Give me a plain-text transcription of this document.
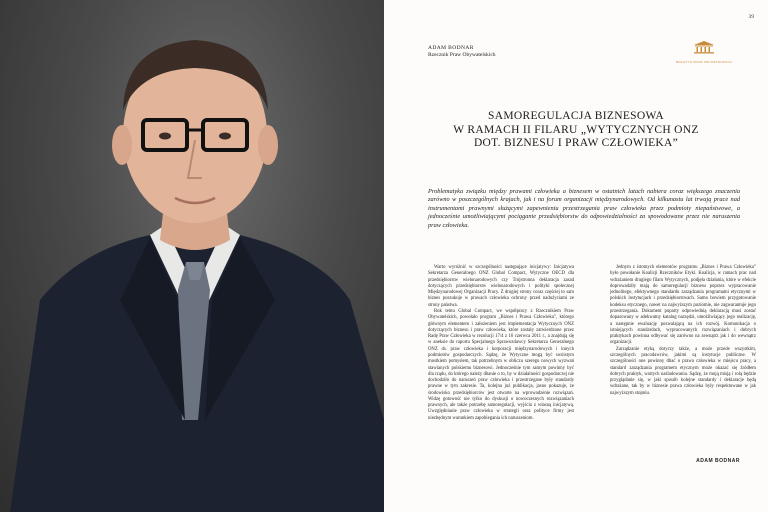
39
ADAM BODNAR
Rzecznik Praw Obywatelskich
BIULETYN PRAW OBYWATELSKICH
SAMOREGULACJA BIZNESOWA
W RAMACH II FILARU „WYTYCZNYCH ONZ
DOT. BIZNESU I PRAW CZŁOWIEKA”
Problematyka związku między prawami człowieka a biznesem w ostatnich latach nabiera coraz większego znaczenia zarówno w poszczególnych krajach, jak i na forum organizacji międzynarodowych. Od kilkunastu lat trwają prace nad instrumentami prawnymi służącymi zapewnieniu przestrzegania praw człowieka przez podmioty niepaństwowe, a jednocześnie umożliwiającymi pociąganie przedsiębiorstw do odpowiedzialności za spowodowane przez nie naruszenia praw człowieka.

Warto wyróżnić w szczególności następujące inicjatywy: Inicjatywa Sekretarza Generalnego ONZ Global Compact, Wytyczne OECD dla przedsiębiorstw wielonarodowych czy Trójstronna deklaracja zasad dotyczących przedsiębiorstw wielonarodowych i polityki społecznej Międzynarodowej Organizacji Pracy. Z drugiej strony coraz częściej to sam biznes poszukuje w prawach człowieka ochrony przed nadużyciami ze strony państwa.

Rok temu Global Compact, we współpracy z Rzecznikiem Praw Obywatelskich, powołało program „Biznes i Prawa Człowieka”, którego głównym elementem i założeniem jest implementacja Wytycznych ONZ dotyczących biznesu i praw człowieka, które zostały zatwierdzone przez Radę Praw Człowieka w rezolucji 17/4 z 16 czerwca 2011 r., a znajdują się w aneksie do raportu Specjalnego Sprawozdawcy Sekretarza Generalnego ONZ ds. praw człowieka i korporacji międzynarodowych i innych podmiotów gospodarczych. Sądzę, że Wytyczne mogą być swoistym mostkiem pomysłem, tak potrzebnym w obliczu szeregu nowych wyzwań stawianych polskiemu biznesowi. Jednocześnie tym samym powinny być dla rządu, do którego należy dbanie o to, by w działalności gospodarczej nie dochodziło do naruszeń praw człowieka i przestrzegane były standardy prawne w tym zakresie. Ta, kolejna już publikacja, jasno pokazuje, że środowisko przedsiębiorców jest otwarte na wprowadzenie rozwiązań. Widzę gotowość nie tylko do dyskusji o nowoczesnych rozwiązaniach prawnych, ale także potrzebę samoregulacji, wyjścia z własną inicjatywą. Uwzględnianie praw człowieka w strategii oraz polityce firmy jest niezbędnym warunkiem zapobiegania ich naruszeniom.

Jednym z istotnych elementów programu „Biznes i Prawa Człowieka” było powołanie Koalicji Rzeczników Etyki. Koalicja, w ramach prac nad wdrażaniem drugiego filaru Wytycznych, podjęła działania, które w efekcie doprowadziły mają do samoregulacji biznesu poprzez wypracowanie jednolitego, efektywnego standardu zarządzania programami etycznymi w polskich instytucjach i przedsiębiorstwach. Samo bowiem przygotowanie kodeksu etycznego, nawet na najwyższym poziomie, nie zagwarantuje jego przestrzegania. Dokument poparty odpowiednią deklaracją musi zostać dopasowany w adekwatny katalog narzędzi, umożliwiający jego realizację, a następnie ewaluację pozwalającą na ich rozwój. Komunikacja o istniejących standardach, wypracowanych rozwiązaniach i dobrych praktykach powinna odbywać się zarówno na zewnątrz jak i do wewnątrz organizacji.

Zarządzanie etyką dotyczy także, a może przede wszystkim, szczególnych pracodawców, jakimi są instytucje publiczne. W szczególności one powinny dbać o prawa człowieka w miejscu pracy, a standard zarządzania programem etycznym może okazać się źródłem dobrych praktyk, wartych naśladowania. Sądzę, że moją misją i rolą będzie przyglądanie się, w jaki sposób kolejne standardy i deklaracje będą wdrażane, tak by w biznesie prawa człowieka były respektowane w jak najwyższym stopniu.

ADAM BODNAR
